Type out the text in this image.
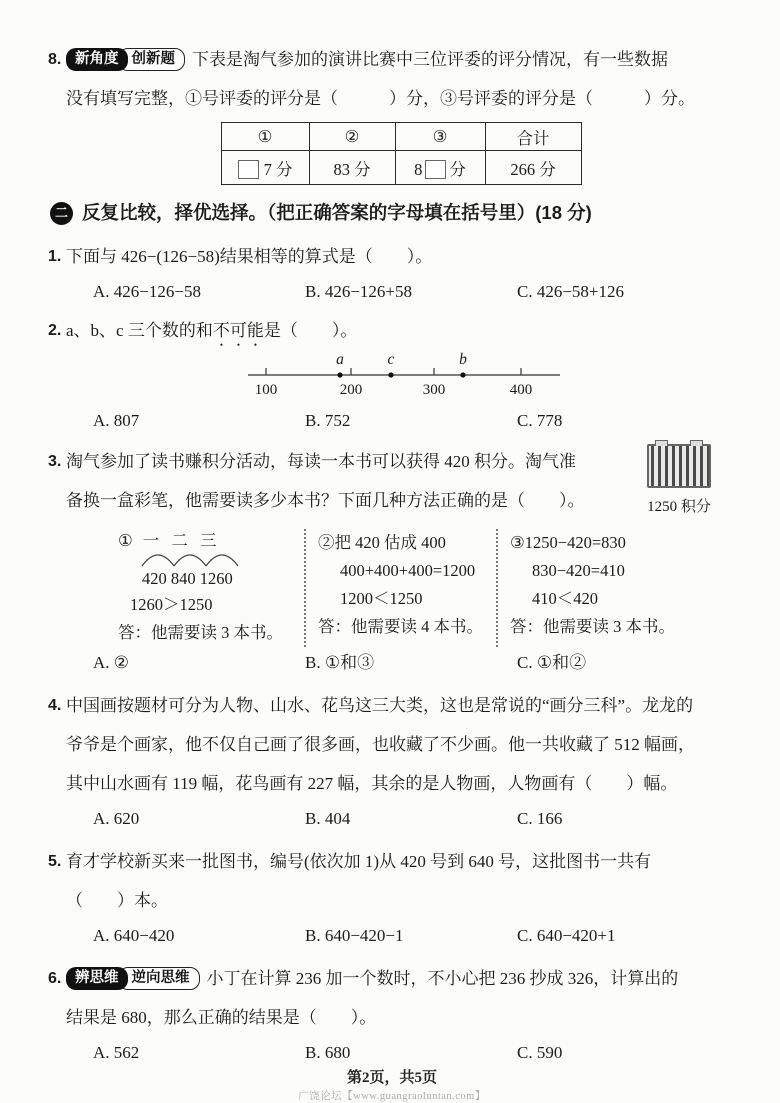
8. 新角度 创新题 下表是淘气参加的演讲比赛中三位评委的评分情况，有一些数据
没有填写完整，①号评委的评分是（　　　）分，③号评委的评分是（　　　）分。
①	②	③	合计
7 分	83 分	8 分	266 分
二 反复比较，择优选择。（把正确答案的字母填在括号里）(18 分)
1. 下面与 426−(126−58)结果相等的算式是（　　）。
A. 426−126−58	B. 426−126+58	C. 426−58+126
2. a、b、c 三个数的和不可能是（　　）。
100	200	300	400
a	c	b
A. 807	B. 752	C. 778
3. 淘气参加了读书赚积分活动，每读一本书可以获得 420 积分。淘气准
备换一盒彩笔，他需要读多少本书？下面几种方法正确的是（　　）。	1250 积分
① 一 二 三
420 840 1260
1260＞1250
答：他需要读 3 本书。
②把 420 估成 400
400+400+400=1200
1200＜1250
答：他需要读 4 本书。
③1250−420=830
830−420=410
410＜420
答：他需要读 3 本书。
A. ②	B. ①和③	C. ①和②
4. 中国画按题材可分为人物、山水、花鸟这三大类，这也是常说的“画分三科”。龙龙的
爷爷是个画家，他不仅自己画了很多画，也收藏了不少画。他一共收藏了 512 幅画，
其中山水画有 119 幅，花鸟画有 227 幅，其余的是人物画，人物画有（　　）幅。
A. 620	B. 404	C. 166
5. 育才学校新买来一批图书，编号(依次加 1)从 420 号到 640 号，这批图书一共有
（　　）本。
A. 640−420	B. 640−420−1	C. 640−420+1
6. 辨思维 逆向思维 小丁在计算 236 加一个数时，不小心把 236 抄成 326，计算出的
结果是 680，那么正确的结果是（　　）。
A. 562	B. 680	C. 590
第2页，共5页
广饶论坛【www.guangraoluntan.com】
